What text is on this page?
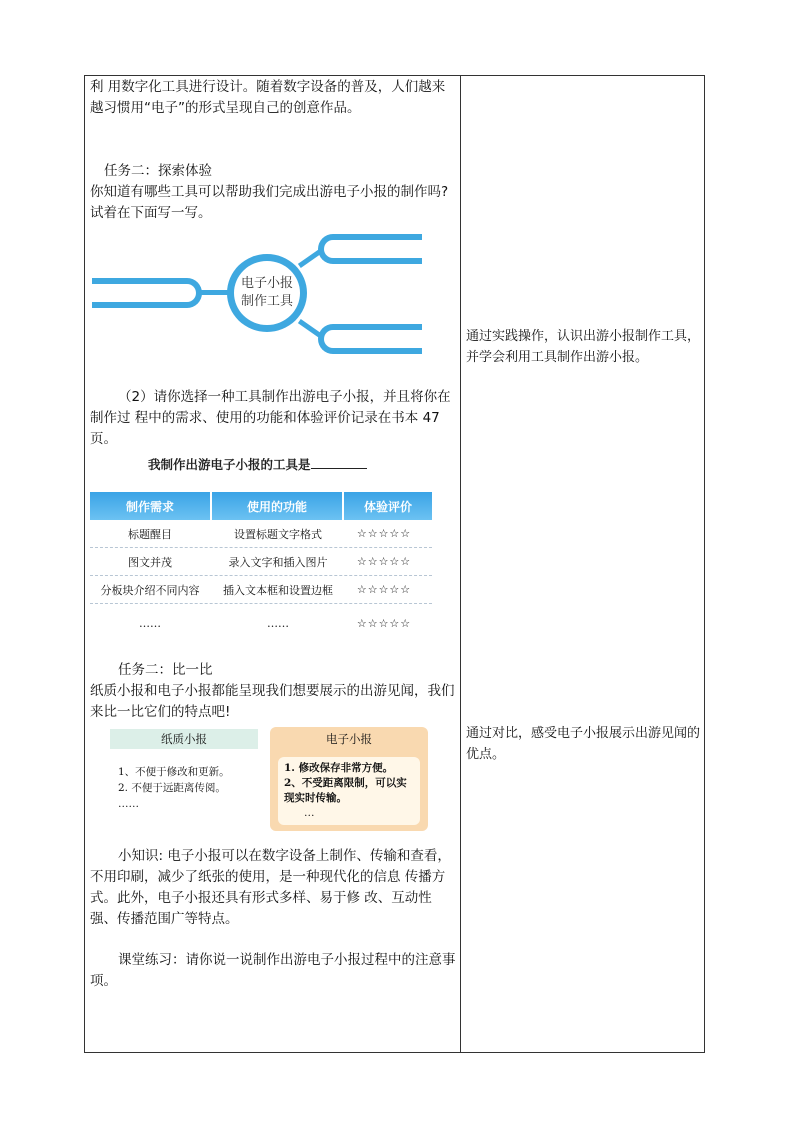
利 用数字化工具进行设计。随着数字设备的普及，人们越来越习惯用“电子”的形式呈现自己的创意作品。
任务二：探索体验
你知道有哪些工具可以帮助我们完成出游电子小报的制作吗?试着在下面写一写。
电子小报
制作工具
（2）请你选择一种工具制作出游电子小报，并且将你在制作过 程中的需求、使用的功能和体验评价记录在书本 47 页。
我制作出游电子小报的工具是
制作需求	使用的功能	体验评价
标题醒目	设置标题文字格式	☆☆☆☆☆
图文并茂	录入文字和插入图片	☆☆☆☆☆
分板块介绍不同内容	插入文本框和设置边框	☆☆☆☆☆
……	……	☆☆☆☆☆
任务二：比一比
纸质小报和电子小报都能呈现我们想要展示的出游见闻，我们来比一比它们的特点吧!
纸质小报
1、不便于修改和更新。
2. 不便于远距离传阅。
……
电子小报
1. 修改保存非常方便。
2、不受距离限制，可以实现实时传输。
…
小知识: 电子小报可以在数字设备上制作、传输和查看，不用印刷，减少了纸张的使用，是一种现代化的信息 传播方式。此外，电子小报还具有形式多样、易于修 改、互动性强、传播范围广等特点。
课堂练习：请你说一说制作出游电子小报过程中的注意事项。
通过实践操作，认识出游小报制作工具，并学会利用工具制作出游小报。
通过对比，感受电子小报展示出游见闻的优点。
